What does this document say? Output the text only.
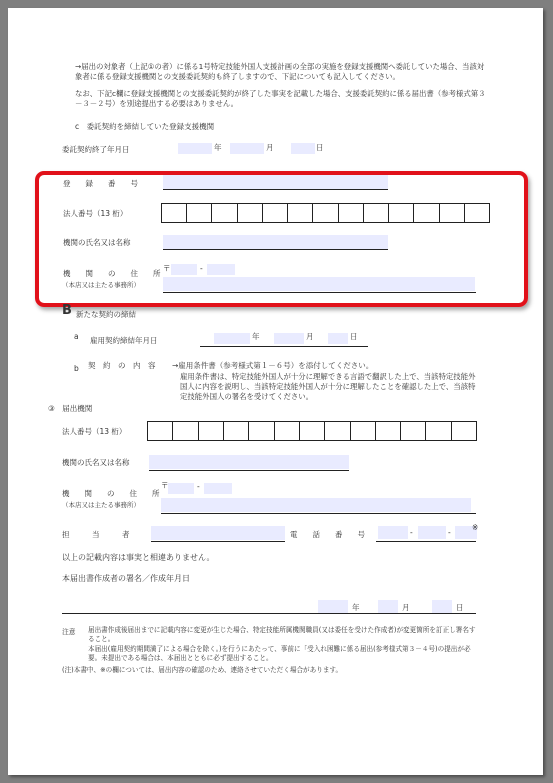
→届出の対象者（上記①の者）に係る1号特定技能外国人支援計画の全部の実施を登録支援機関へ委託していた場合、当該対象者に係る登録支援機関との支援委託契約も終了しますので、下記についても記入してください。
なお、下記c欄に登録支援機関との支援委託契約が終了した事実を記載した場合、支援委託契約に係る届出書（参考様式第３－３－２号）を別途提出する必要はありません。
c　委託契約を締結していた登録支援機関
委託契約終了年月日	年	月	日
登　　録　　番　　号
法人番号（13 桁）
機関の氏名又は名称
機　　関　　の　　住　　所
（本店又は主たる事務所）
〒	-
B 新たな契約の締結
a 雇用契約締結年月日	年	月	日
b 契　約　の　内　容 →雇用条件書（参考様式第１－６号）を添付してください。
雇用条件書は、特定技能外国人が十分に理解できる言語で翻訳した上で、当該特定技能外国人に内容を説明し、当該特定技能外国人が十分に理解したことを確認した上で、当該特定技能外国人の署名を受けてください。
③　届出機関
法人番号（13 桁）
機関の氏名又は名称
機　　関　　の　　住　　所
（本店又は主たる事務所）
〒	-
担　　　当　　　者	電　　話　　番　　号	-	-
※
以上の記載内容は事実と相違ありません。
本届出書作成者の署名／作成年月日
年	月	日
注意 届出書作成後届出までに記載内容に変更が生じた場合、特定技能所属機関職員(又は委任を受けた作成者)が変更箇所を訂正し署名すること。
本届出(雇用契約期間満了による場合を除く。)を行うにあたって、事前に「受入れ困難に係る届出(参考様式第３－４号)の提出が必要。未提出である場合は、本届出とともに必ず提出すること。
(注)本書中、※の欄については、届出内容の確認のため、連絡させていただく場合があります。
